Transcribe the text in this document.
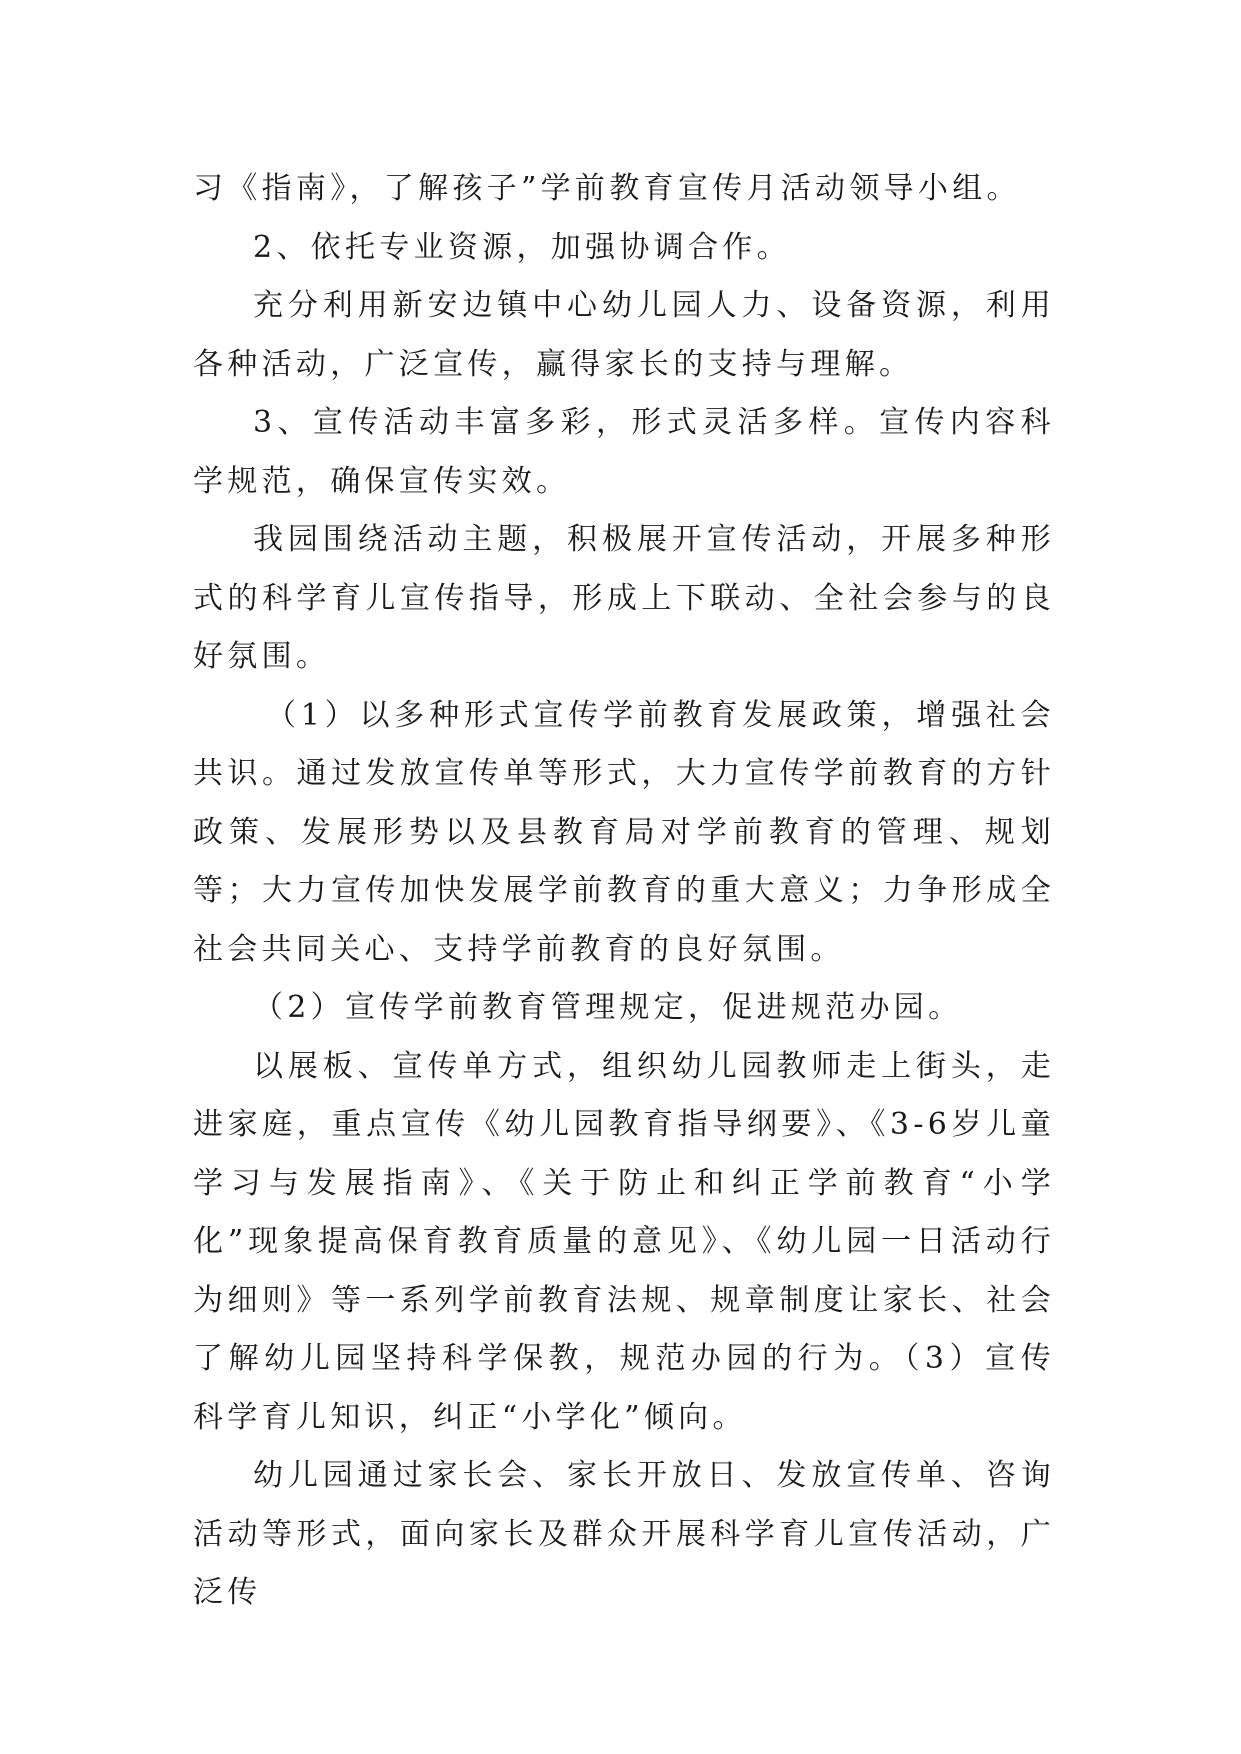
习《指南》，了解孩子”学前教育宣传月活动领导小组。

2、依托专业资源，加强协调合作。

充分利用新安边镇中心幼儿园人力、设备资源，利用各种活动，广泛宣传，赢得家长的支持与理解。

3、宣传活动丰富多彩，形式灵活多样。宣传内容科学规范，确保宣传实效。

我园围绕活动主题，积极展开宣传活动，开展多种形式的科学育儿宣传指导，形成上下联动、全社会参与的良好氛围。

（1）以多种形式宣传学前教育发展政策，增强社会共识。通过发放宣传单等形式，大力宣传学前教育的方针政策、发展形势以及县教育局对学前教育的管理、规划等；大力宣传加快发展学前教育的重大意义；力争形成全社会共同关心、支持学前教育的良好氛围。

（2）宣传学前教育管理规定，促进规范办园。

以展板、宣传单方式，组织幼儿园教师走上街头，走进家庭，重点宣传《幼儿园教育指导纲要》、《3-6岁儿童学习与发展指南》、《关于防止和纠正学前教育“小学化”现象提高保育教育质量的意见》、《幼儿园一日活动行为细则》等一系列学前教育法规、规章制度让家长、社会了解幼儿园坚持科学保教，规范办园的行为。（3）宣传科学育儿知识，纠正“小学化”倾向。

幼儿园通过家长会、家长开放日、发放宣传单、咨询活动等形式，面向家长及群众开展科学育儿宣传活动，广泛传
